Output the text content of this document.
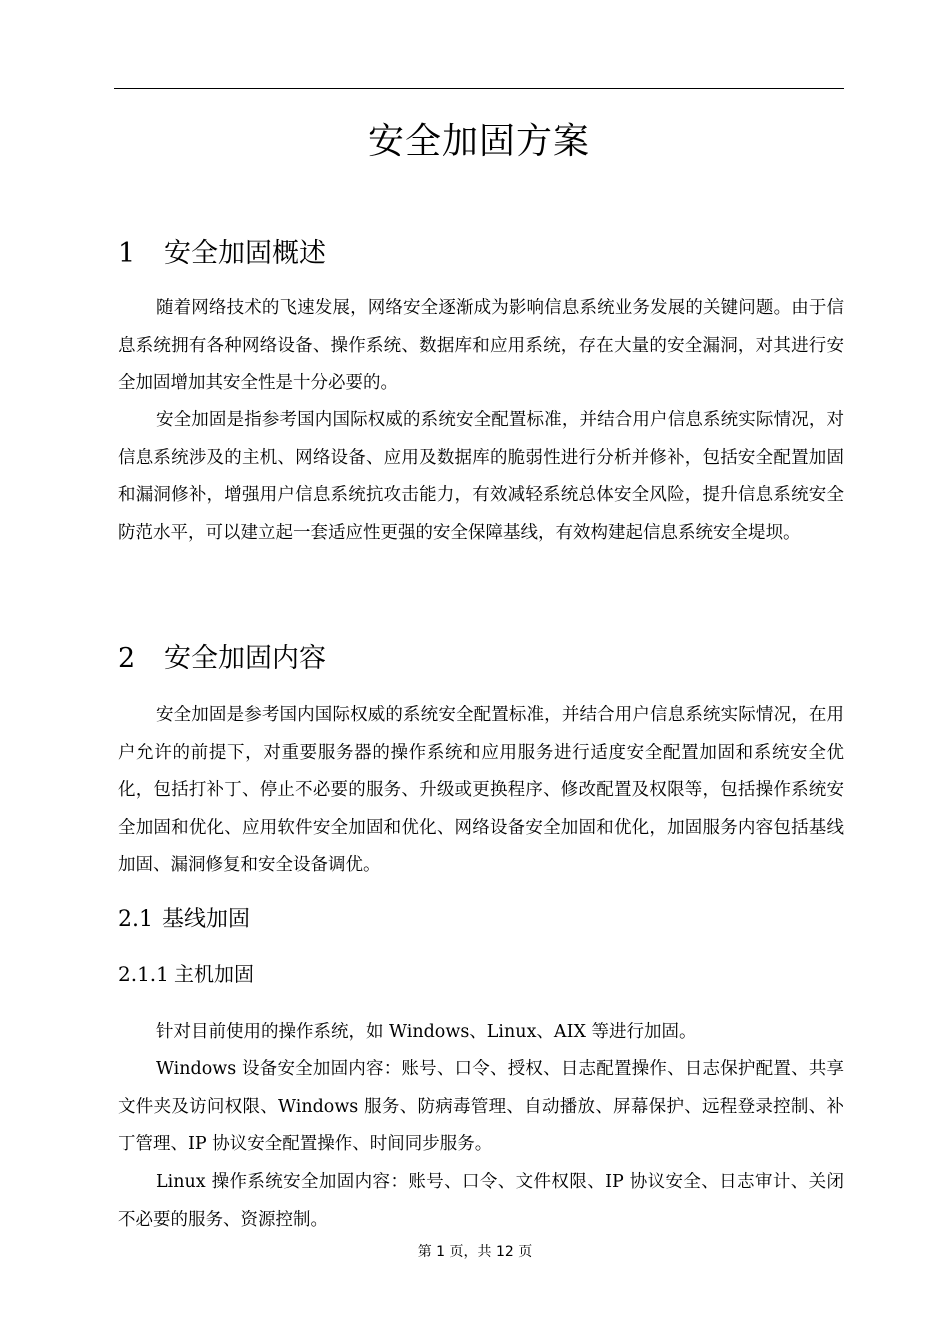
安全加固方案
1 安全加固概述

随着网络技术的飞速发展，网络安全逐渐成为影响信息系统业务发展的关键问题。由于信息系统拥有各种网络设备、操作系统、数据库和应用系统，存在大量的安全漏洞，对其进行安全加固增加其安全性是十分必要的。

安全加固是指参考国内国际权威的系统安全配置标准，并结合用户信息系统实际情况，对信息系统涉及的主机、网络设备、应用及数据库的脆弱性进行分析并修补，包括安全配置加固和漏洞修补，增强用户信息系统抗攻击能力，有效减轻系统总体安全风险，提升信息系统安全防范水平，可以建立起一套适应性更强的安全保障基线，有效构建起信息系统安全堤坝。

2 安全加固内容

安全加固是参考国内国际权威的系统安全配置标准，并结合用户信息系统实际情况，在用户允许的前提下，对重要服务器的操作系统和应用服务进行适度安全配置加固和系统安全优化，包括打补丁、停止不必要的服务、升级或更换程序、修改配置及权限等，包括操作系统安全加固和优化、应用软件安全加固和优化、网络设备安全加固和优化，加固服务内容包括基线加固、漏洞修复和安全设备调优。

2.1 基线加固
2.1.1 主机加固

针对目前使用的操作系统，如 Windows、Linux、AIX 等进行加固。

Windows 设备安全加固内容：账号、口令、授权、日志配置操作、日志保护配置、共享文件夹及访问权限、Windows 服务、防病毒管理、自动播放、屏幕保护、远程登录控制、补丁管理、IP 协议安全配置操作、时间同步服务。

Linux 操作系统安全加固内容：账号、口令、文件权限、IP 协议安全、日志审计、关闭不必要的服务、资源控制。

第 1 页，共 12 页
